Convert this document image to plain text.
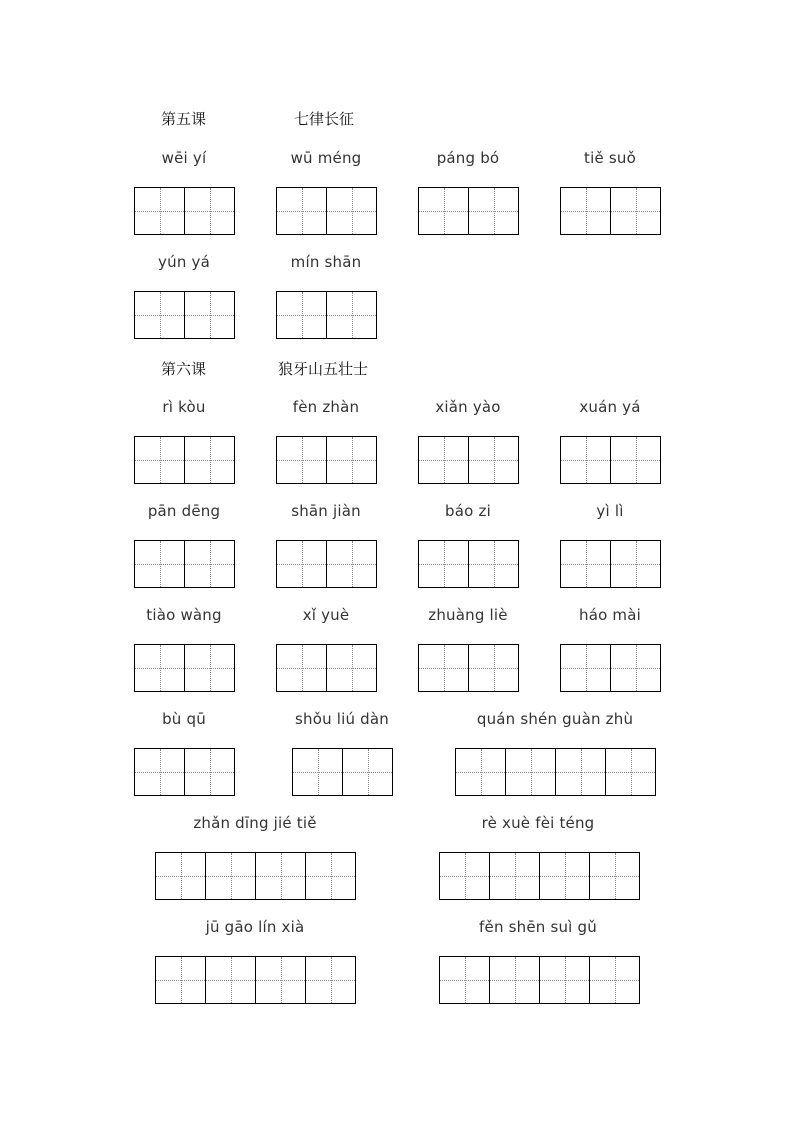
第五课	七律长征
wēi yí	wū méng	páng bó	tiě suǒ
yún yá	mín shān
第六课	狼牙山五壮士
rì kòu	fèn zhàn	xiǎn yào	xuán yá
pān dēng	shān jiàn	báo zi	yì lì
tiào wàng	xǐ yuè	zhuàng liè	háo mài
bù qū	shǒu liú dàn	quán shén guàn zhù
zhǎn dīng jié tiě	rè xuè fèi téng
jū gāo lín xià	fěn shēn suì gǔ
